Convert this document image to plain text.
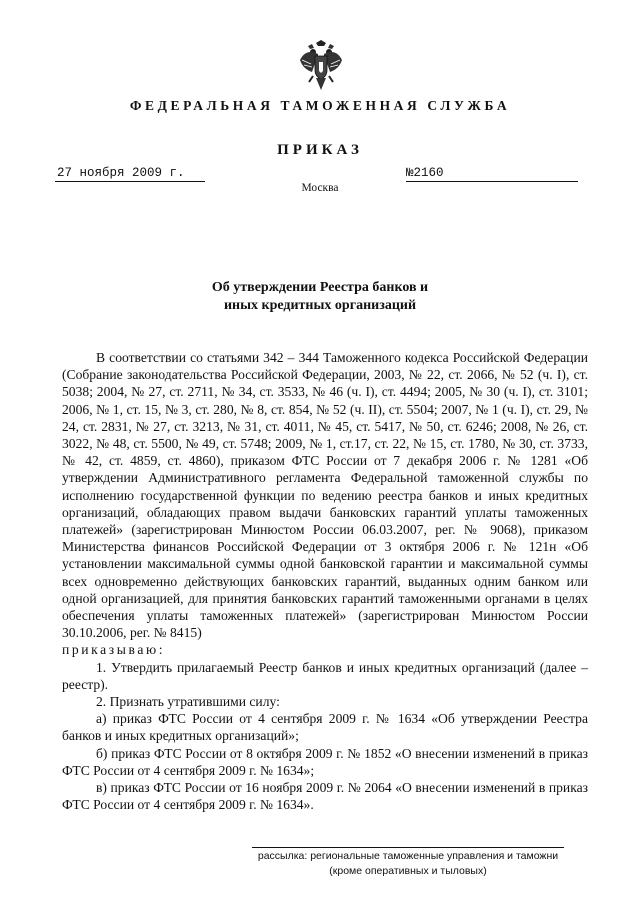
ФЕДЕРАЛЬНАЯ ТАМОЖЕННАЯ СЛУЖБА
ПРИКАЗ
27 ноября 2009 г.	№2160
Москва
Об утверждении Реестра банков и
иных кредитных организаций

В соответствии со статьями 342 – 344 Таможенного кодекса Российской Федерации (Собрание законодательства Российской Федерации, 2003, № 22, ст. 2066, № 52 (ч. I), ст. 5038; 2004, № 27, ст. 2711, № 34, ст. 3533, № 46 (ч. I), ст. 4494; 2005, № 30 (ч. I), ст. 3101; 2006, № 1, ст. 15, № 3, ст. 280, № 8, ст. 854, № 52 (ч. II), ст. 5504; 2007, № 1 (ч. I), ст. 29, № 24, ст. 2831, № 27, ст. 3213, № 31, ст. 4011, № 45, ст. 5417, № 50, ст. 6246; 2008, № 26, ст. 3022, № 48, ст. 5500, № 49, ст. 5748; 2009, № 1, ст.17, ст. 22, № 15, ст. 1780, № 30, ст. 3733, № 42, ст. 4859, ст. 4860), приказом ФТС России от 7 декабря 2006 г. № 1281 «Об утверждении Административного регламента Федеральной таможенной службы по исполнению государственной функции по ведению реестра банков и иных кредитных организаций, обладающих правом выдачи банковских гарантий уплаты таможенных платежей» (зарегистрирован Минюстом России 06.03.2007, рег. № 9068), приказом Министерства финансов Российской Федерации от 3 октября 2006 г. № 121н «Об установлении максимальной суммы одной банковской гарантии и максимальной суммы всех одновременно действующих банковских гарантий, выданных одним банком или одной организацией, для принятия банковских гарантий таможенными органами в целях обеспечения уплаты таможенных платежей» (зарегистрирован Минюстом России 30.10.2006, рег. № 8415)

приказываю:

1. Утвердить прилагаемый Реестр банков и иных кредитных организаций (далее – реестр).

2. Признать утратившими силу:

а) приказ ФТС России от 4 сентября 2009 г. № 1634 «Об утверждении Реестра банков и иных кредитных организаций»;

б) приказ ФТС России от 8 октября 2009 г. № 1852 «О внесении изменений в приказ ФТС России от 4 сентября 2009 г. № 1634»;

в) приказ ФТС России от 16 ноября 2009 г. № 2064 «О внесении изменений в приказ ФТС России от 4 сентября 2009 г. № 1634».

рассылка: региональные таможенные управления и таможни
(кроме оперативных и тыловых)
